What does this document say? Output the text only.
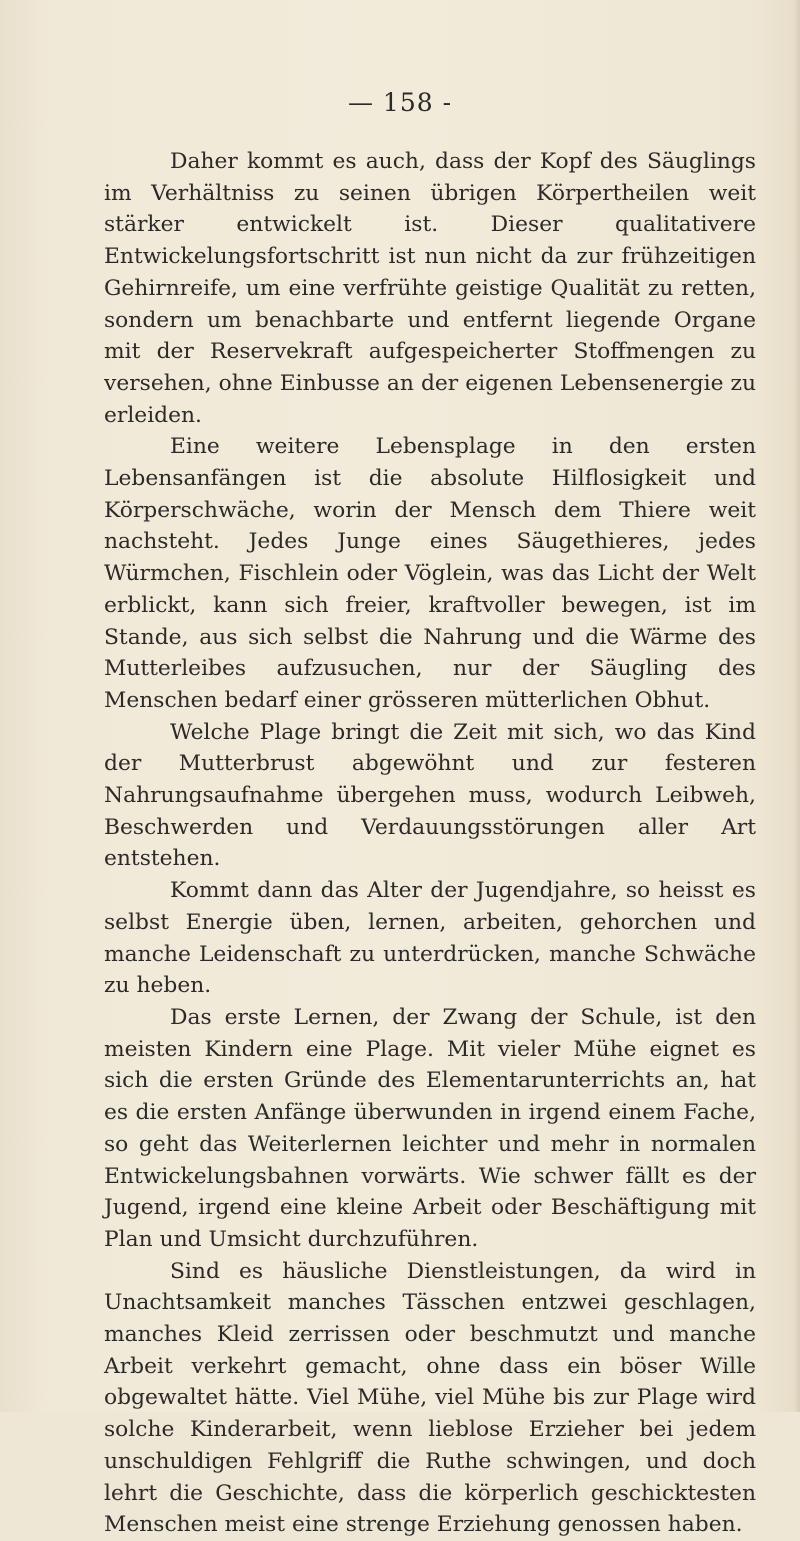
— 158 -

Daher kommt es auch, dass der Kopf des Säuglings im Verhältniss zu seinen übrigen Körpertheilen weit stärker entwickelt ist. Dieser qualitativere Entwickelungsfortschritt ist nun nicht da zur frühzeitigen Gehirnreife, um eine verfrühte geistige Qualität zu retten, sondern um benachbarte und entfernt liegende Organe mit der Reservekraft aufgespeicherter Stoffmengen zu versehen, ohne Einbusse an der eigenen Lebensenergie zu erleiden.

Eine weitere Lebensplage in den ersten Lebensanfängen ist die absolute Hilflosigkeit und Körperschwäche, worin der Mensch dem Thiere weit nachsteht. Jedes Junge eines Säugethieres, jedes Würmchen, Fischlein oder Vöglein, was das Licht der Welt erblickt, kann sich freier, kraftvoller bewegen, ist im Stande, aus sich selbst die Nahrung und die Wärme des Mutterleibes aufzusuchen, nur der Säugling des Menschen bedarf einer grösseren mütterlichen Obhut.

Welche Plage bringt die Zeit mit sich, wo das Kind der Mutterbrust abgewöhnt und zur festeren Nahrungsaufnahme übergehen muss, wodurch Leibweh, Beschwerden und Verdauungsstörungen aller Art entstehen.

Kommt dann das Alter der Jugendjahre, so heisst es selbst Energie üben, lernen, arbeiten, gehorchen und manche Leidenschaft zu unterdrücken, manche Schwäche zu heben.

Das erste Lernen, der Zwang der Schule, ist den meisten Kindern eine Plage. Mit vieler Mühe eignet es sich die ersten Gründe des Elementarunterrichts an, hat es die ersten Anfänge überwunden in irgend einem Fache, so geht das Weiterlernen leichter und mehr in normalen Entwickelungsbahnen vorwärts. Wie schwer fällt es der Jugend, irgend eine kleine Arbeit oder Beschäftigung mit Plan und Umsicht durchzuführen.

Sind es häusliche Dienstleistungen, da wird in Unachtsamkeit manches Tässchen entzwei geschlagen, manches Kleid zerrissen oder beschmutzt und manche Arbeit verkehrt gemacht, ohne dass ein böser Wille obgewaltet hätte. Viel Mühe, viel Mühe bis zur Plage wird solche Kinderarbeit, wenn lieblose Erzieher bei jedem unschuldigen Fehlgriff die Ruthe schwingen, und doch lehrt die Geschichte, dass die körperlich geschicktesten Menschen meist eine strenge Erziehung genossen haben.
